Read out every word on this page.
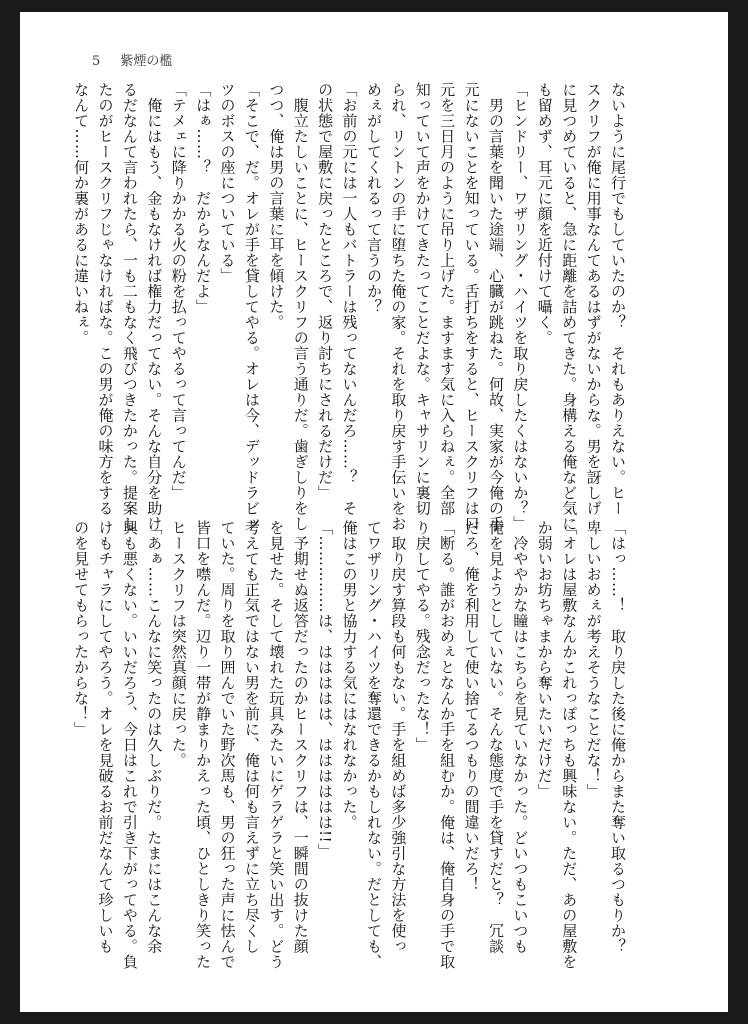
5 紫煙の檻
ないように尾行でもしていたのか？　それもありえない。ヒー
スクリフが俺に用事なんてあるはずがないからな。男を訝しげ
に見つめていると、急に距離を詰めてきた。身構える俺など気に
も留めず、耳元に顔を近付けて囁く。
「ヒンドリー、ワザリング・ハイツを取り戻したくはないか？」
　男の言葉を聞いた途端、心臓が跳ねた。何故、実家が今俺の手
元にないことを知っている。舌打ちをすると、ヒースクリフは口
元を三日月のように吊り上げた。ますます気に入らねぇ。全部
知っていて声をかけてきたってことだよな。キャサリンに裏切
られ、リントンの手に堕ちた俺の家。それを取り戻す手伝いをお
めぇがしてくれるって言うのか？
「お前の元には一人もバトラーは残ってないんだろ……？　そ
の状態で屋敷に戻ったところで、返り討ちにされるだけだ」
　腹立たしいことに、ヒースクリフの言う通りだ。歯ぎしりをし
つつ、俺は男の言葉に耳を傾けた。
「そこで、だ。オレが手を貸してやる。オレは今、デッドラビッ
ツのボスの座についている」
「はぁ……？　だからなんだよ」
「テメェに降りかかる火の粉を払ってやるって言ってんだ」
　俺にはもう、金もなければ権力だってない。そんな自分を助け
るだなんて言われたら、一も二もなく飛びつきたかった。提案し
たのがヒースクリフじゃなければな。この男が俺の味方をする
なんて……何か裏があるに違いねぇ。
「はっ……！　取り戻した後に俺からまた奪い取るつもりか？
卑しいおめぇが考えそうなことだな！」
「オレは屋敷なんかこれっぽっちも興味ない。ただ、あの屋敷を
か弱いお坊ちゃまから奪いたいだけだ」
　冷ややかな瞳はこちらを見ていなかった。どいつもこいつも
俺を見ようとしていない。そんな態度で手を貸すだと？　冗談
だろ、俺を利用して使い捨てるつもりの間違いだろ！
「断る。誰がおめぇとなんか手を組むか。俺は、俺自身の手で取
り戻してやる。残念だったな！」
　取り戻す算段も何もない。手を組めば多少強引な方法を使っ
てワザリング・ハイツを奪還できるかもしれない。だとしても、
俺はこの男と協力する気にはなれなかった。
「……………は、ははははは、はははははは!!」
　予期せぬ返答だったのかヒースクリフは、一瞬間の抜けた顔
を見せた。そして壊れた玩具みたいにゲラゲラと笑い出す。どう
考えても正気ではない男を前に、俺は何も言えずに立ち尽くし
ていた。周りを取り囲んでいた野次馬も、男の狂った声に怯んで
皆口を噤んだ。辺り一帯が静まりかえった頃、ひとしきり笑った
ヒースクリフは突然真顔に戻った。
「あぁ……こんなに笑ったのは久しぶりだ。たまにはこんな余
興も悪くない。いいだろう、今日はこれで引き下がってやる。負
けもチャラにしてやろう。オレを見破るお前だなんて珍しいも
のを見せてもらったからな！」
